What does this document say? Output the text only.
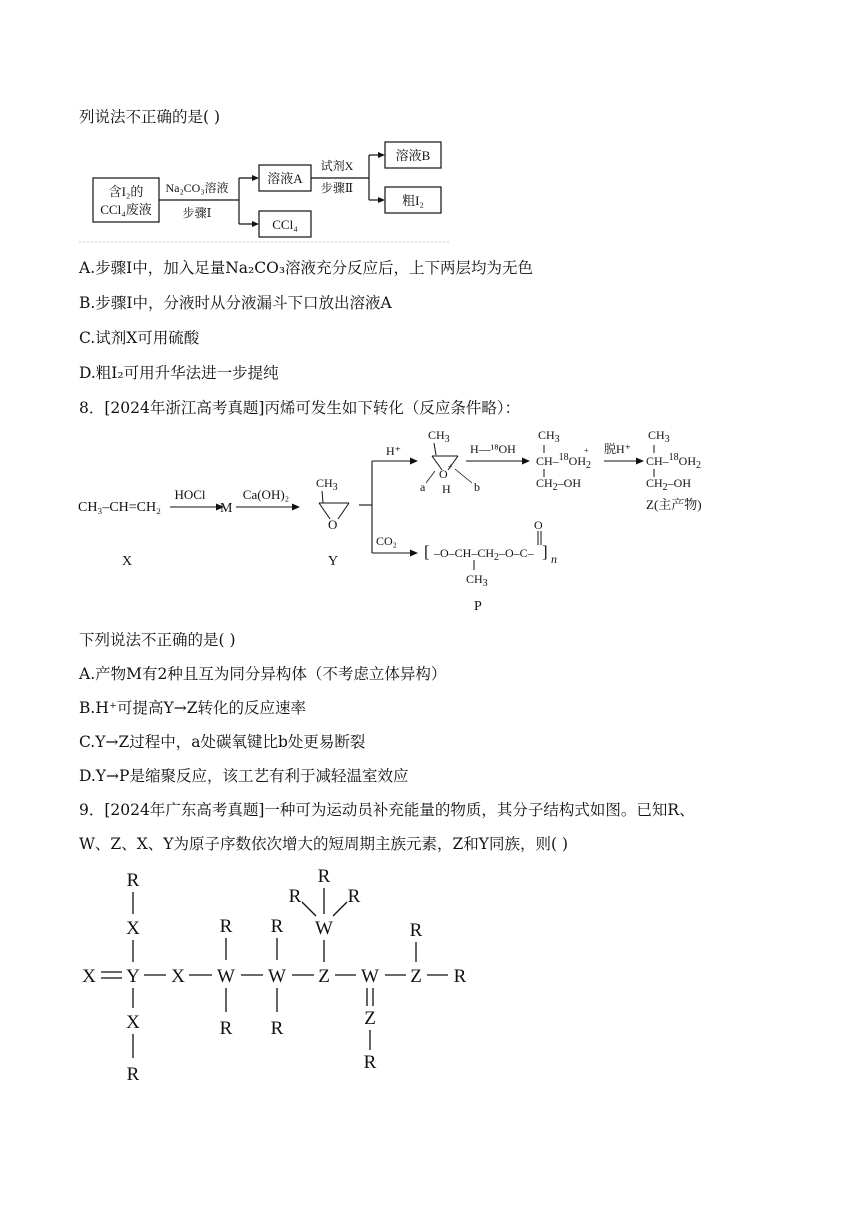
列说法不正确的是( )
含I₂的
CCl₄废液
Na₂CO₃溶液
步骤Ⅰ
溶液A
CCl₄
试剂X
步骤Ⅱ
溶液B
粗I₂
A.步骤Ⅰ中，加入足量Na₂CO₃溶液充分反应后，上下两层均为无色
B.步骤Ⅰ中，分液时从分液漏斗下口放出溶液A
C.试剂X可用硫酸
D.粗I₂可用升华法进一步提纯
8．[2024年浙江高考真题]丙烯可发生如下转化（反应条件略）：
CH₃–CH=CH₂
X
HOCl
M
Ca(OH)₂
$CH_3$
O
Y
H⁺
CO₂
$CH_3$
O
+
H
a	b
H—¹⁸OH
$CH_3$
$CH-^{18}OH_2$
+
$CH_2-OH$
脱H⁺
$CH_3$
$CH-^{18}OH_2$
$CH_2-OH$
Z(主产物)
[ $-O-CH-CH_2-O-C-$ ] n
$CH_3$
O
P
下列说法不正确的是( )
A.产物M有2种且互为同分异构体（不考虑立体异构）
B.H⁺可提高Y→Z转化的反应速率
C.Y→Z过程中，a处碳氧键比b处更易断裂
D.Y→P是缩聚反应，该工艺有利于减轻温室效应
9．[2024年广东高考真题]一种可为运动员补充能量的物质，其分子结构式如图。已知R、
W、Z、X、Y为原子序数依次增大的短周期主族元素，Z和Y同族，则( )
R
X
X Y X W W Z W Z R
X
R
R R
R R
R
R R
W	R
Z
R
